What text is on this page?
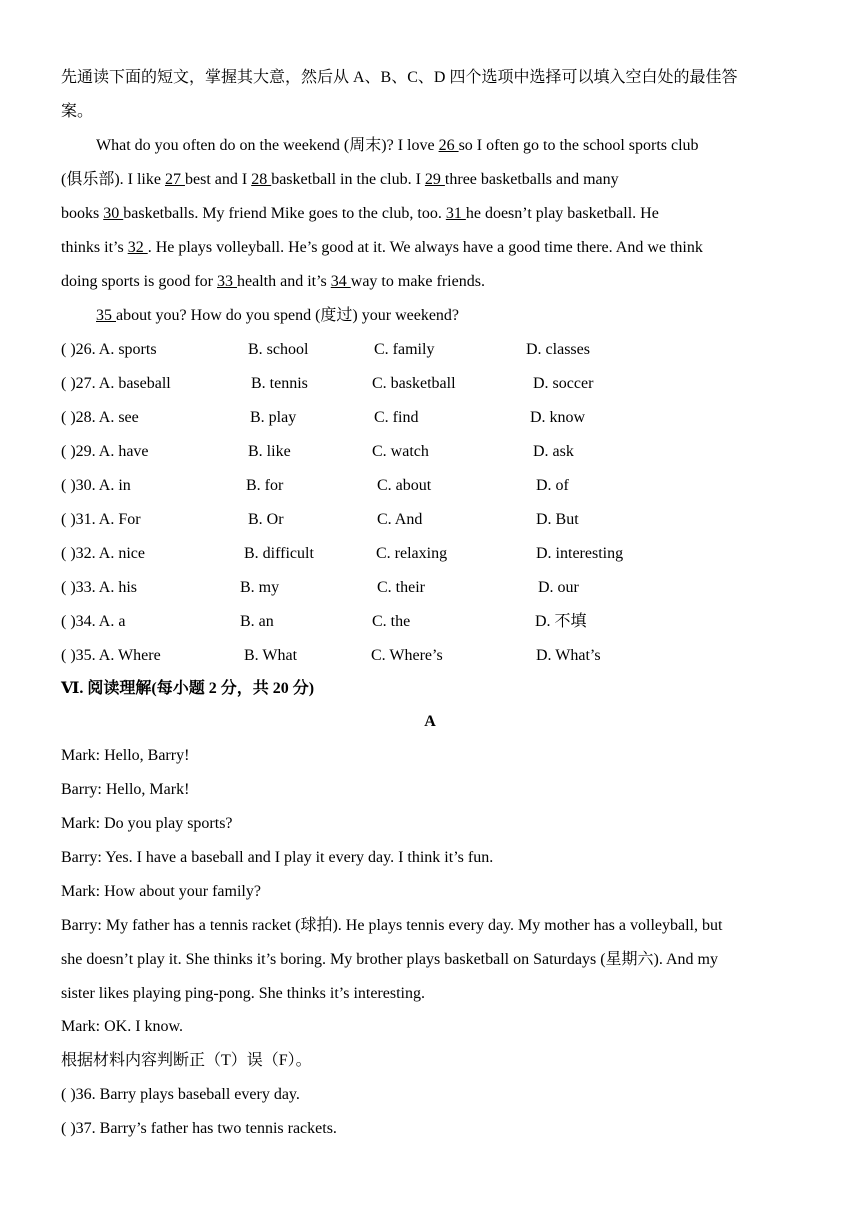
先通读下面的短文，掌握其大意，然后从 A、B、C、D 四个选项中选择可以填入空白处的最佳答
案。
What do you often do on the weekend (周末)? I love 26 so I often go to the school sports club
(俱乐部). I like 27 best and I 28 basketball in the club. I 29 three basketballs and many
books 30 basketballs. My friend Mike goes to the club, too. 31 he doesn’t play basketball. He
thinks it’s 32 . He plays volleyball. He’s good at it. We always have a good time there. And we think
doing sports is good for 33 health and it’s 34 way to make friends.
35 about you? How do you spend (度过) your weekend?
( )26. A. sports	B. school	C. family	D. classes
( )27. A. baseball	B. tennis	C. basketball	D. soccer
( )28. A. see	B. play	C. find	D. know
( )29. A. have	B. like	C. watch	D. ask
( )30. A. in	B. for	C. about	D. of
( )31. A. For	B. Or	C. And	D. But
( )32. A. nice	B. difficult	C. relaxing	D. interesting
( )33. A. his	B. my	C. their	D. our
( )34. A. a	B. an	C. the	D. 不填
( )35. A. Where	B. What	C. Where’s	D. What’s
Ⅵ. 阅读理解(每小题 2 分，共 20 分)
A
Mark: Hello, Barry!
Barry: Hello, Mark!
Mark: Do you play sports?
Barry: Yes. I have a baseball and I play it every day. I think it’s fun.
Mark: How about your family?
Barry: My father has a tennis racket (球拍). He plays tennis every day. My mother has a volleyball, but
she doesn’t play it. She thinks it’s boring. My brother plays basketball on Saturdays (星期六). And my
sister likes playing ping-pong. She thinks it’s interesting.
Mark: OK. I know.
根据材料内容判断正（T）误（F）。
( )36. Barry plays baseball every day.
( )37. Barry’s father has two tennis rackets.
